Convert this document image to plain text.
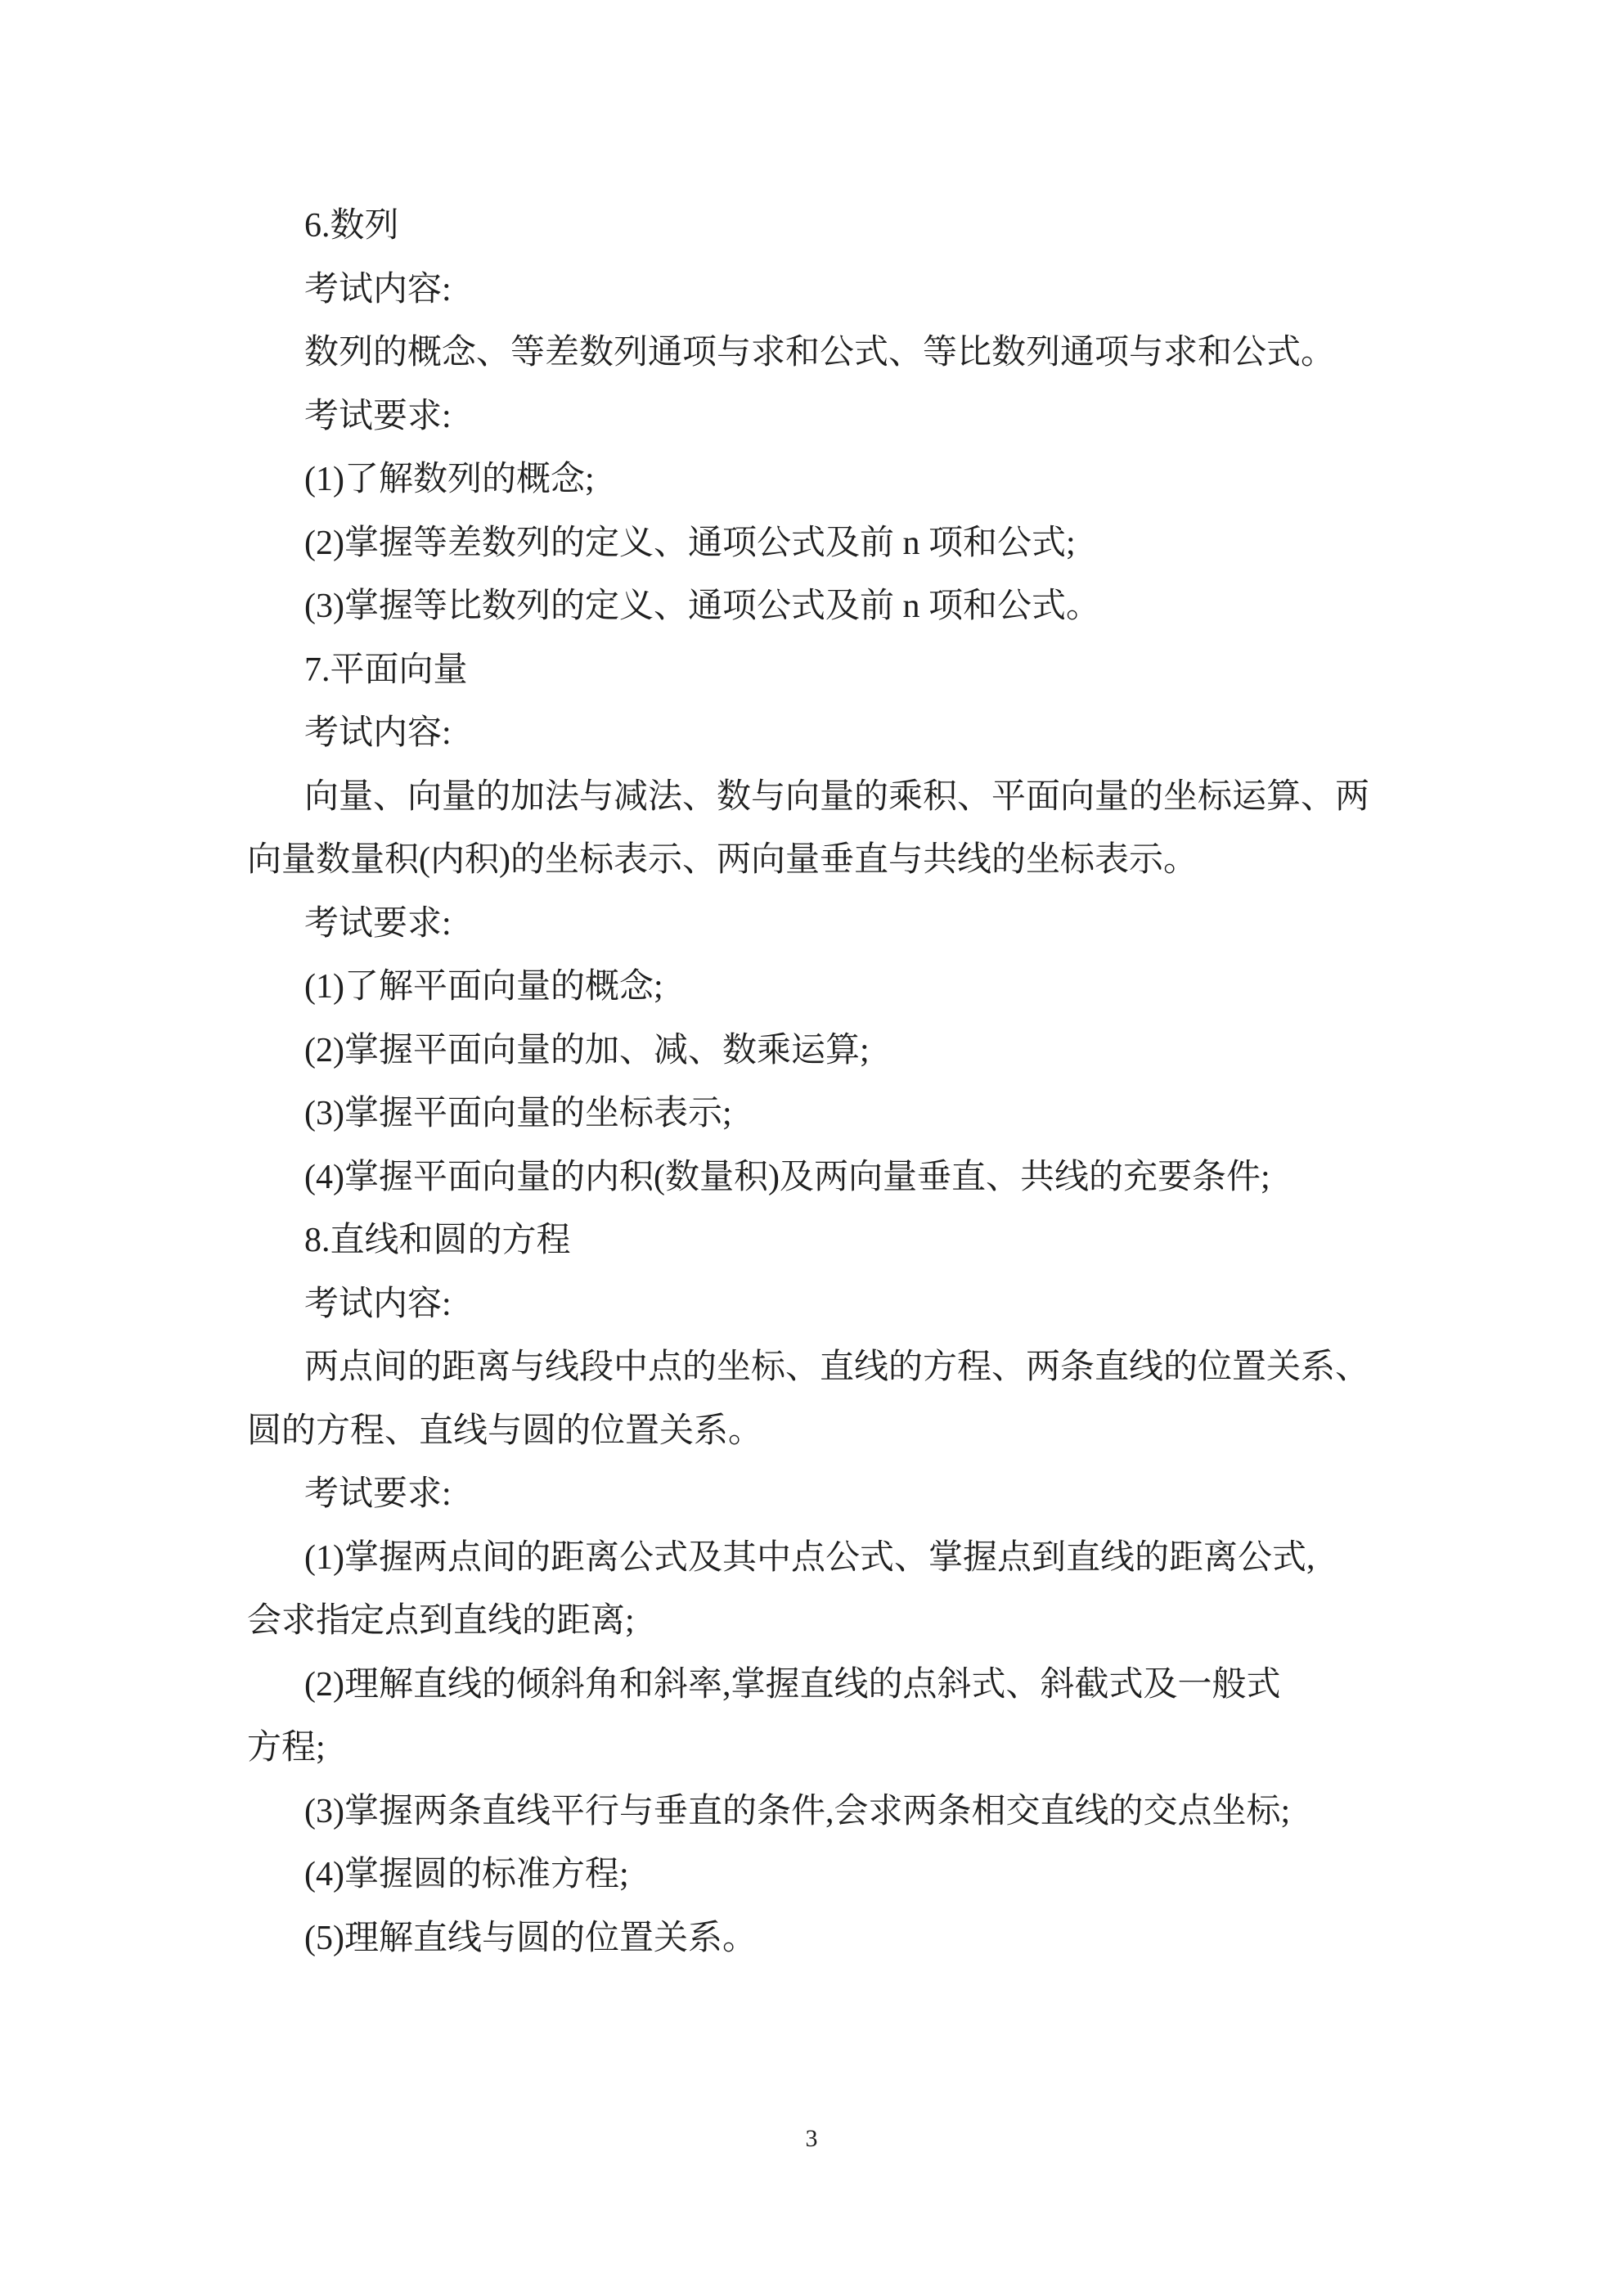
6.数列
考试内容:
数列的概念、等差数列通项与求和公式、等比数列通项与求和公式。
考试要求:
(1)了解数列的概念;
(2)掌握等差数列的定义、通项公式及前 n 项和公式;
(3)掌握等比数列的定义、通项公式及前 n 项和公式。
7.平面向量
考试内容:
向量、向量的加法与减法、数与向量的乘积、平面向量的坐标运算、两
向量数量积(内积)的坐标表示、两向量垂直与共线的坐标表示。
考试要求:
(1)了解平面向量的概念;
(2)掌握平面向量的加、减、数乘运算;
(3)掌握平面向量的坐标表示;
(4)掌握平面向量的内积(数量积)及两向量垂直、共线的充要条件;
8.直线和圆的方程
考试内容:
两点间的距离与线段中点的坐标、直线的方程、两条直线的位置关系、
圆的方程、直线与圆的位置关系。
考试要求:
(1)掌握两点间的距离公式及其中点公式、掌握点到直线的距离公式,
会求指定点到直线的距离;
(2)理解直线的倾斜角和斜率,掌握直线的点斜式、斜截式及一般式
方程;
(3)掌握两条直线平行与垂直的条件,会求两条相交直线的交点坐标;
(4)掌握圆的标准方程;
(5)理解直线与圆的位置关系。
3
